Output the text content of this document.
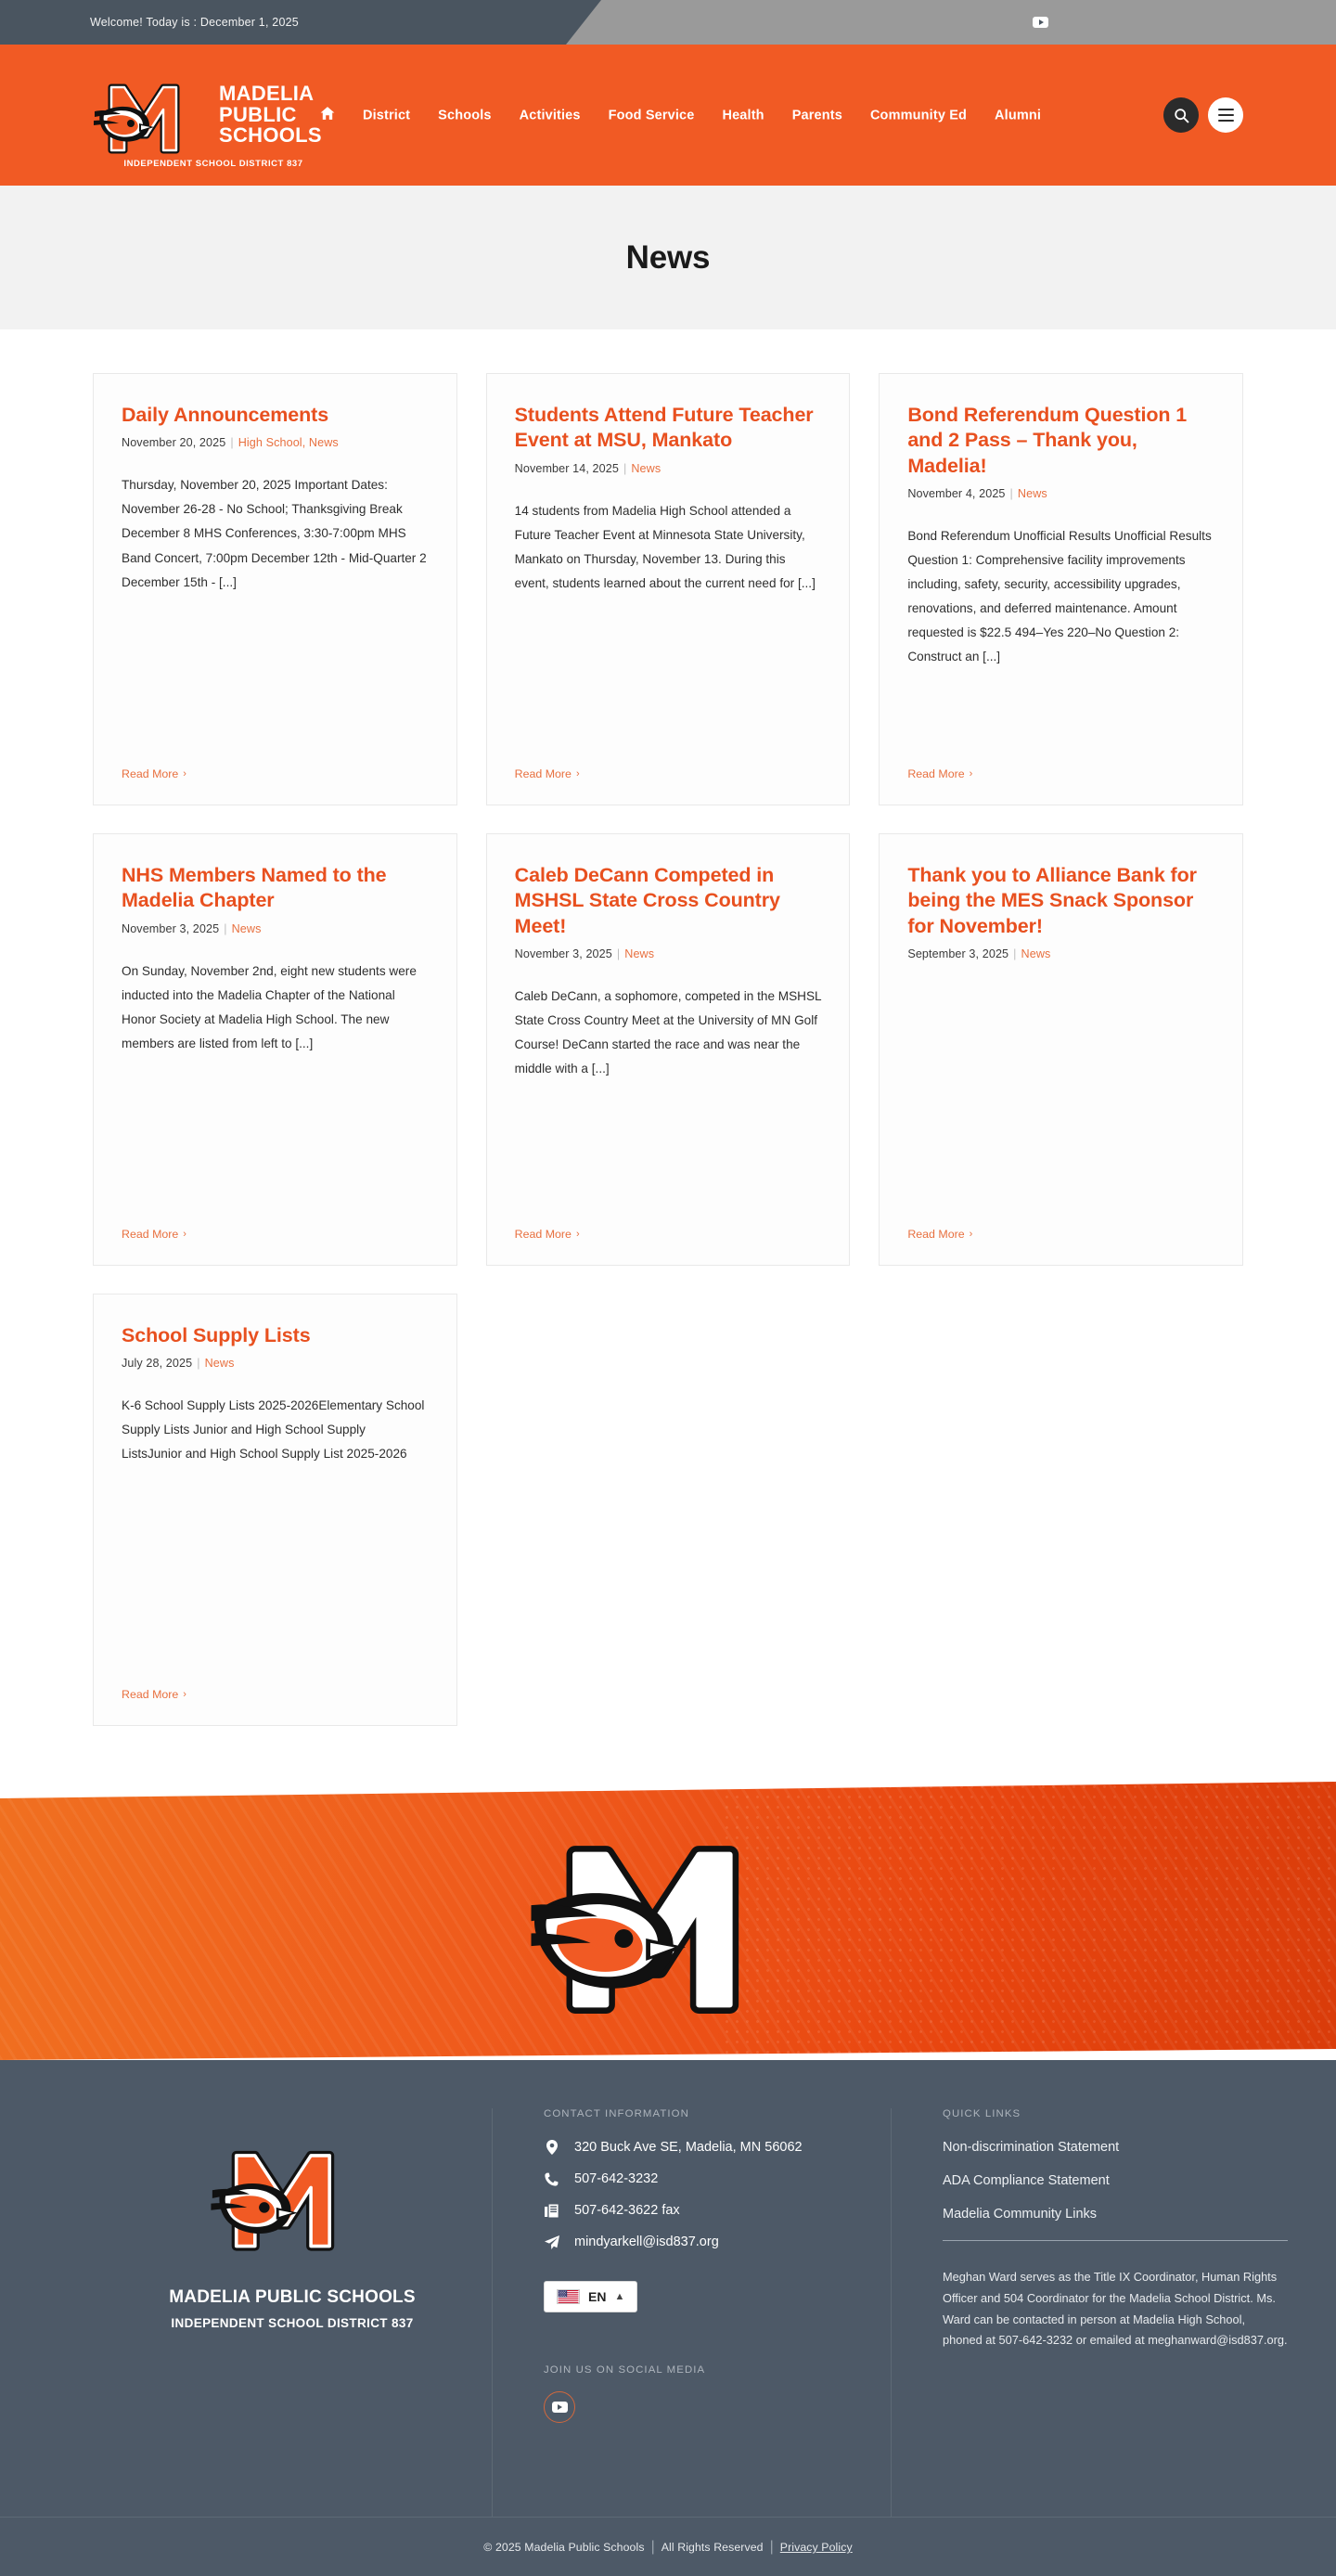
Welcome! Today is : December 1, 2025
MADELIA
PUBLIC
SCHOOLS
INDEPENDENT SCHOOL DISTRICT 837
District Schools Activities Food Service Health Parents Community Ed Alumni
News
Daily Announcements
November 20, 2025 | High School, News
Thursday, November 20, 2025 Important Dates: November 26-28 - No School; Thanksgiving Break December 8 MHS Conferences, 3:30-7:00pm MHS Band Concert, 7:00pm December 12th - Mid-Quarter 2 December 15th - [...]
Read More ›
Students Attend Future Teacher Event at MSU, Mankato
November 14, 2025 | News
14 students from Madelia High School attended a Future Teacher Event at Minnesota State University, Mankato on Thursday, November 13. During this event, students learned about the current need for [...]
Read More ›
Bond Referendum Question 1 and 2 Pass – Thank you, Madelia!
November 4, 2025 | News
Bond Referendum Unofficial Results Unofficial Results Question 1: Comprehensive facility improvements including, safety, security, accessibility upgrades, renovations, and deferred maintenance. Amount requested is $22.5 494–Yes 220–No Question 2: Construct an [...]
Read More ›
NHS Members Named to the Madelia Chapter
November 3, 2025 | News
On Sunday, November 2nd, eight new students were inducted into the Madelia Chapter of the National Honor Society at Madelia High School. The new members are listed from left to [...]
Read More ›
Caleb DeCann Competed in MSHSL State Cross Country Meet!
November 3, 2025 | News
Caleb DeCann, a sophomore, competed in the MSHSL State Cross Country Meet at the University of MN Golf Course! DeCann started the race and was near the middle with a [...]
Read More ›
Thank you to Alliance Bank for being the MES Snack Sponsor for November!
September 3, 2025 | News
Read More ›
School Supply Lists
July 28, 2025 | News
K-6 School Supply Lists 2025-2026Elementary School Supply Lists Junior and High School Supply ListsJunior and High School Supply List 2025-2026
Read More ›
MADELIA PUBLIC SCHOOLS
INDEPENDENT SCHOOL DISTRICT 837
CONTACT INFORMATION
320 Buck Ave SE, Madelia, MN 56062
507-642-3232
507-642-3622 fax
mindyarkell@isd837.org
EN ▲
JOIN US ON SOCIAL MEDIA
QUICK LINKS
Non-discrimination Statement
ADA Compliance Statement
Madelia Community Links
Meghan Ward serves as the Title IX Coordinator, Human Rights Officer and 504 Coordinator for the Madelia School District. Ms. Ward can be contacted in person at Madelia High School, phoned at 507-642-3232 or emailed at meghanward@isd837.org.
© 2025 Madelia Public Schools | All Rights Reserved | Privacy Policy
